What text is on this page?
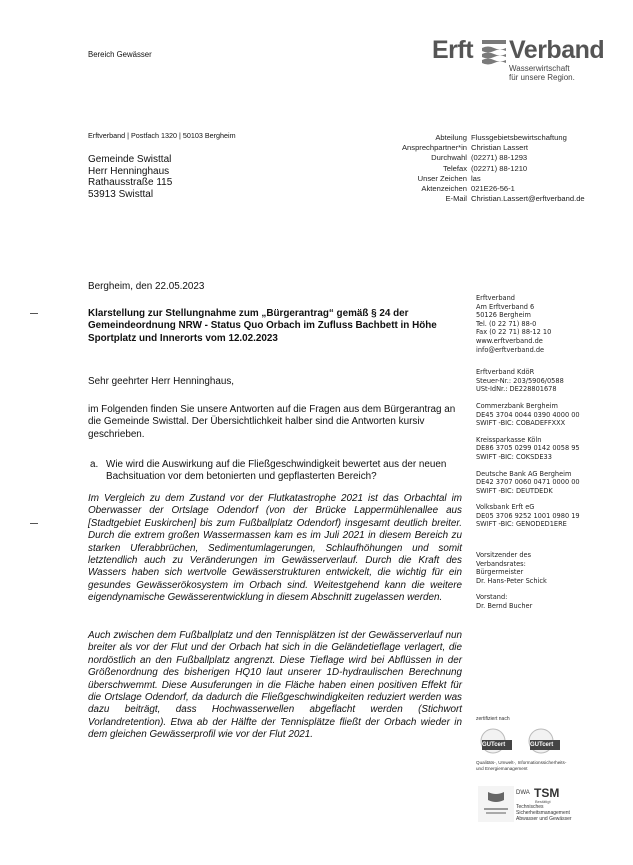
Bereich Gewässer	Erft Verband
Wasserwirtschaft
für unsere Region.
Erftverband | Postfach 1320 | 50103 Bergheim
Gemeinde Swisttal
Herr Henninghaus
Rathausstraße 115
53913 Swisttal
Abteilung Flussgebietsbewirtschaftung
Ansprechpartner*in Christian Lassert
Durchwahl (02271) 88-1293
Telefax (02271) 88-1210
Unser Zeichen las
Aktenzeichen 021E26-56-1
E-Mail Christian.Lassert@erftverband.de
Bergheim, den 22.05.2023
Klarstellung zur Stellungnahme zum „Bürgerantrag“ gemäß § 24 der Gemeindeordnung NRW - Status Quo Orbach im Zufluss Bachbett in Höhe Sportplatz und Innerorts vom 12.02.2023
Sehr geehrter Herr Henninghaus,
im Folgenden finden Sie unsere Antworten auf die Fragen aus dem Bürgerantrag an die Gemeinde Swisttal. Der Übersichtlichkeit halber sind die Antworten kursiv geschrieben.
a. Wie wird die Auswirkung auf die Fließgeschwindigkeit bewertet aus der neuen Bachsituation vor dem betonierten und gepflasterten Bereich?
Im Vergleich zu dem Zustand vor der Flutkatastrophe 2021 ist das Orbachtal im Oberwasser der Ortslage Odendorf (von der Brücke Lappermühlenallee aus [Stadtgebiet Euskirchen] bis zum Fußballplatz Odendorf) insgesamt deutlich breiter. Durch die extrem großen Wassermassen kam es im Juli 2021 in diesem Bereich zu starken Uferabbrüchen, Sedimentumlagerungen, Schlaufhöhungen und somit letztendlich auch zu Veränderungen im Gewässerverlauf. Durch die Kraft des Wassers haben sich wertvolle Gewässerstrukturen entwickelt, die wichtig für ein gesundes Gewässerökosystem im Orbach sind. Weitestgehend kann die weitere eigendynamische Gewässerentwicklung in diesem Abschnitt zugelassen werden.
Auch zwischen dem Fußballplatz und den Tennisplätzen ist der Gewässerverlauf nun breiter als vor der Flut und der Orbach hat sich in die Geländetieflage verlagert, die nordöstlich an den Fußballplatz angrenzt. Diese Tieflage wird bei Abflüssen in der Größenordnung des bisherigen HQ10 laut unserer 1D-hydraulischen Berechnung überschwemmt. Diese Ausuferungen in die Fläche haben einen positiven Effekt für die Ortslage Odendorf, da dadurch die Fließgeschwindigkeiten reduziert werden was dazu beiträgt, dass Hochwasserwellen abgeflacht werden (Stichwort Vorlandretention). Etwa ab der Hälfte der Tennisplätze fließt der Orbach wieder in dem gleichen Gewässerprofil wie vor der Flut 2021.
Erftverband
Am Erftverband 6
50126 Bergheim
Tel. (0 22 71) 88-0
Fax (0 22 71) 88-12 10
www.erftverband.de
info@erftverband.de
Erftverband KdöR
Steuer-Nr.: 203/5906/0588
USt-IdNr.: DE228801678
Commerzbank Bergheim
DE45 3704 0044 0390 4000 00
SWIFT -BIC: COBADEFFXXX
Kreissparkasse Köln
DE86 3705 0299 0142 0058 95
SWIFT -BIC: COKSDE33
Deutsche Bank AG Bergheim
DE42 3707 0060 0471 0000 00
SWIFT -BIC: DEUTDEDK
Volksbank Erft eG
DE05 3706 9252 1001 0980 19
SWIFT -BIC: GENODED1ERE
Vorsitzender des
Verbandsrates:
Bürgermeister
Dr. Hans-Peter Schick
Vorstand:
Dr. Bernd Bucher
zertifiziert nach
GUTcert	GUTcert
Qualitäts-, Umwelt-, Informationssicherheits-
und Energiemanagement
DWA TSM
Bestätigt
Technisches
Sicherheitsmanagement
Abwasser und Gewässer
